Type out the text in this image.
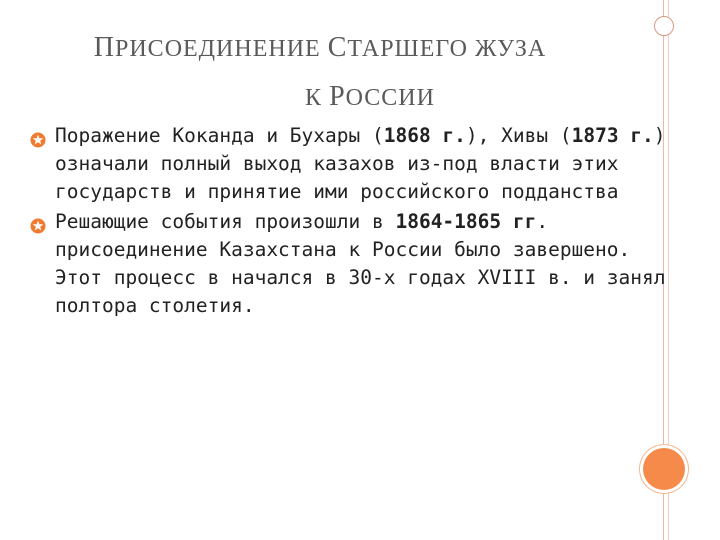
ПРИСОЕДИНЕНИЕ СТАРШЕГО ЖУЗА
К РОССИИ
Поражение Коканда и Бухары (1868 г.), Хивы (1873 г.) означали полный выход казахов из-под власти этих государств и принятие ими российского подданства
Решающие события произошли в 1864-1865 гг. присоединение Казахстана к России было завершено. Этот процесс в начался в 30-х годах XVIII в. и занял полтора столетия.
